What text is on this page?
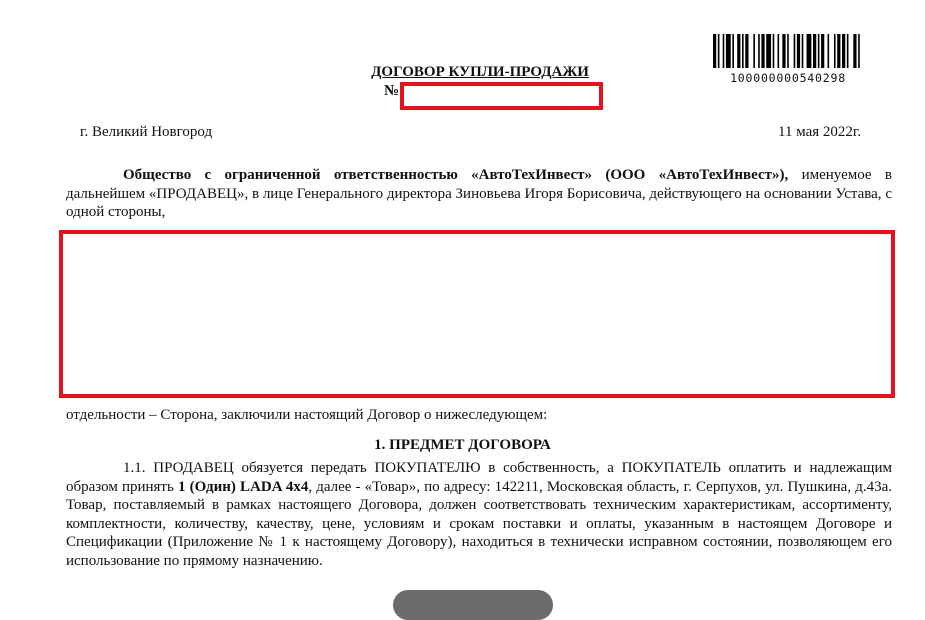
100000000540298
ДОГОВОР КУПЛИ-ПРОДАЖИ
№
г. Великий Новгород	11 мая 2022г.

Общество с ограниченной ответственностью «АвтоТехИнвест» (ООО «АвтоТехИнвест»), именуемое в дальнейшем «ПРОДАВЕЦ», в лице Генерального директора Зиновьева Игоря Борисовича, действующего на основании Устава, с одной стороны,

отдельности – Сторона, заключили настоящий Договор о нижеследующем:

1. ПРЕДМЕТ ДОГОВОРА

1.1. ПРОДАВЕЦ обязуется передать ПОКУПАТЕЛЮ в собственность, а ПОКУПАТЕЛЬ оплатить и надлежащим образом принять 1 (Один) LADA 4x4, далее - «Товар», по адресу: 142211, Московская область, г. Серпухов, ул. Пушкина, д.43а. Товар, поставляемый в рамках настоящего Договора, должен соответствовать техническим характеристикам, ассортименту, комплектности, количеству, качеству, цене, условиям и срокам поставки и оплаты, указанным в настоящем Договоре и Спецификации (Приложение № 1 к настоящему Договору), находиться в технически исправном состоянии, позволяющем его использование по прямому назначению.
